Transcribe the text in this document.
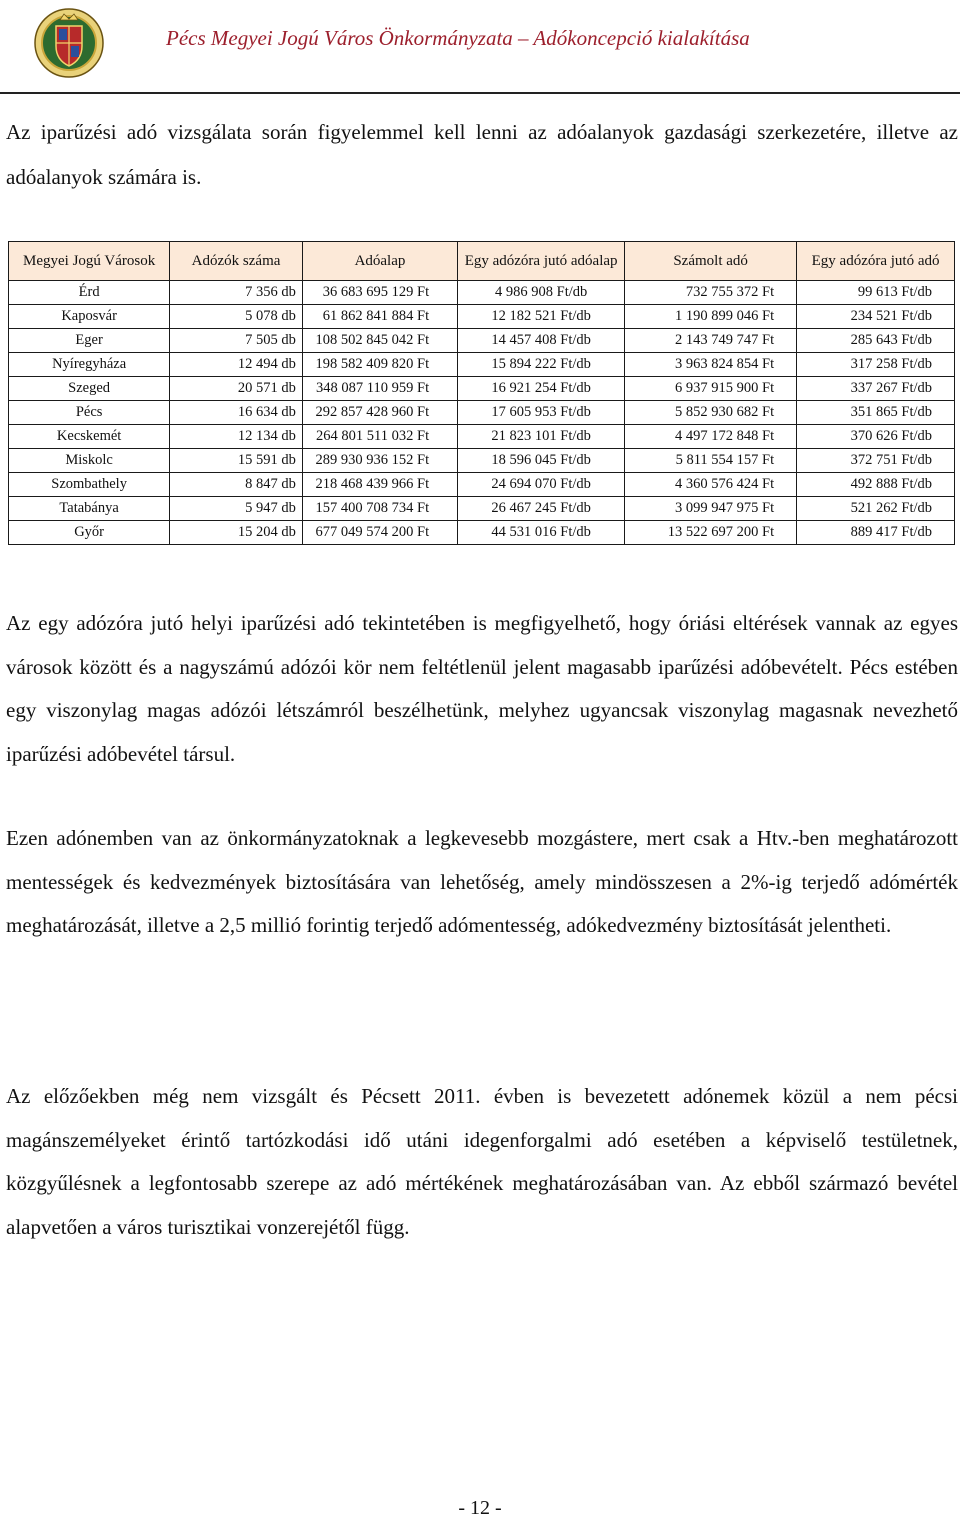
Pécs Megyei Jogú Város Önkormányzata – Adókoncepció kialakítása

Az iparűzési adó vizsgálata során figyelemmel kell lenni az adóalanyok gazdasági szerkezetére, illetve az adóalanyok számára is.

Megyei Jogú Városok	Adózók száma	Adóalap	Egy adózóra jutó adóalap	Számolt adó	Egy adózóra jutó adó
Érd	7 356 db	36 683 695 129 Ft	4 986 908 Ft/db	732 755 372 Ft	99 613 Ft/db
Kaposvár	5 078 db	61 862 841 884 Ft	12 182 521 Ft/db	1 190 899 046 Ft	234 521 Ft/db
Eger	7 505 db	108 502 845 042 Ft	14 457 408 Ft/db	2 143 749 747 Ft	285 643 Ft/db
Nyíregyháza	12 494 db	198 582 409 820 Ft	15 894 222 Ft/db	3 963 824 854 Ft	317 258 Ft/db
Szeged	20 571 db	348 087 110 959 Ft	16 921 254 Ft/db	6 937 915 900 Ft	337 267 Ft/db
Pécs	16 634 db	292 857 428 960 Ft	17 605 953 Ft/db	5 852 930 682 Ft	351 865 Ft/db
Kecskemét	12 134 db	264 801 511 032 Ft	21 823 101 Ft/db	4 497 172 848 Ft	370 626 Ft/db
Miskolc	15 591 db	289 930 936 152 Ft	18 596 045 Ft/db	5 811 554 157 Ft	372 751 Ft/db
Szombathely	8 847 db	218 468 439 966 Ft	24 694 070 Ft/db	4 360 576 424 Ft	492 888 Ft/db
Tatabánya	5 947 db	157 400 708 734 Ft	26 467 245 Ft/db	3 099 947 975 Ft	521 262 Ft/db
Győr	15 204 db	677 049 574 200 Ft	44 531 016 Ft/db	13 522 697 200 Ft	889 417 Ft/db

Az egy adózóra jutó helyi iparűzési adó tekintetében is megfigyelhető, hogy óriási eltérések vannak az egyes városok között és a nagyszámú adózói kör nem feltétlenül jelent magasabb iparűzési adóbevételt. Pécs estében egy viszonylag magas adózói létszámról beszélhetünk, melyhez ugyancsak viszonylag magasnak nevezhető iparűzési adóbevétel társul.

Ezen adónemben van az önkormányzatoknak a legkevesebb mozgástere, mert csak a Htv.-ben meghatározott mentességek és kedvezmények biztosítására van lehetőség, amely mindösszesen a 2%-ig terjedő adómérték meghatározását, illetve a 2,5 millió forintig terjedő adómentesség, adókedvezmény biztosítását jelentheti.

Az előzőekben még nem vizsgált és Pécsett 2011. évben is bevezetett adónemek közül a nem pécsi magánszemélyeket érintő tartózkodási idő utáni idegenforgalmi adó esetében a képviselő testületnek, közgyűlésnek a legfontosabb szerepe az adó mértékének meghatározásában van. Az ebből származó bevétel alapvetően a város turisztikai vonzerejétől függ.

- 12 -
